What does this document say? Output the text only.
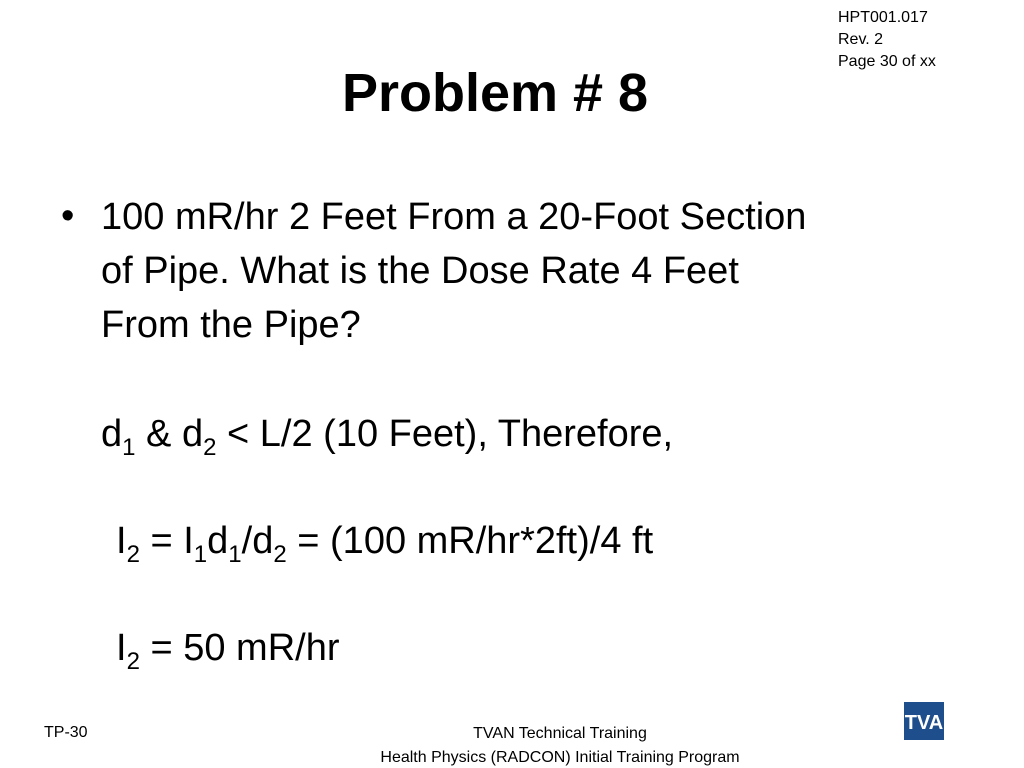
HPT001.017
Rev. 2
Page 30 of xx
Problem # 8
• 100 mR/hr 2 Feet From a 20-Foot Section
of Pipe. What is the Dose Rate 4 Feet
From the Pipe?
$d_1$ & $d_2 < L/2$ (10 Feet), Therefore,
$I_2 = I_1d_1/d_2 = (100$ mR/hr*2ft)/4 ft
$I_2 = 50$ mR/hr
TP-30	TVAN Technical Training
Health Physics (RADCON) Initial Training Program
TVA
